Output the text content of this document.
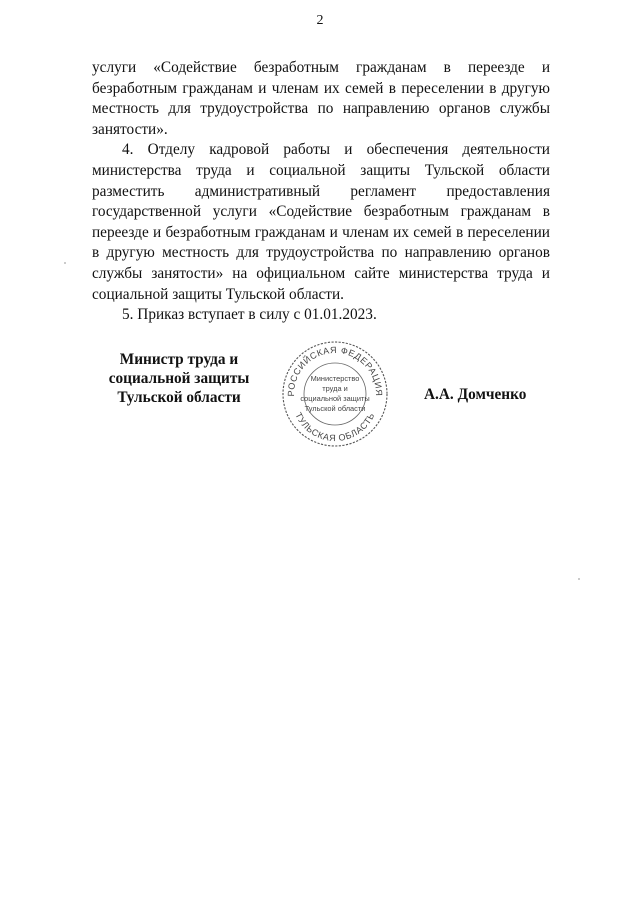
2

услуги «Содействие безработным гражданам в переезде и безработным гражданам и членам их семей в переселении в другую местность для трудоустройства по направлению органов службы занятости».

4. Отделу кадровой работы и обеспечения деятельности министерства труда и социальной защиты Тульской области разместить административный регламент предоставления государственной услуги «Содействие безработным гражданам в переезде и безработным гражданам и членам их семей в переселении в другую местность для трудоустройства по направлению органов службы занятости» на официальном сайте министерства труда и социальной защиты Тульской области.

5. Приказ вступает в силу с 01.01.2023.

Министр труда и
социальной защиты
Тульской области	РОССИЙСКАЯ ФЕДЕРАЦИЯ
ТУЛЬСКАЯ ОБЛАСТЬ
Министерство
труда и
социальной защиты
Тульской области
А.А. Домченко
